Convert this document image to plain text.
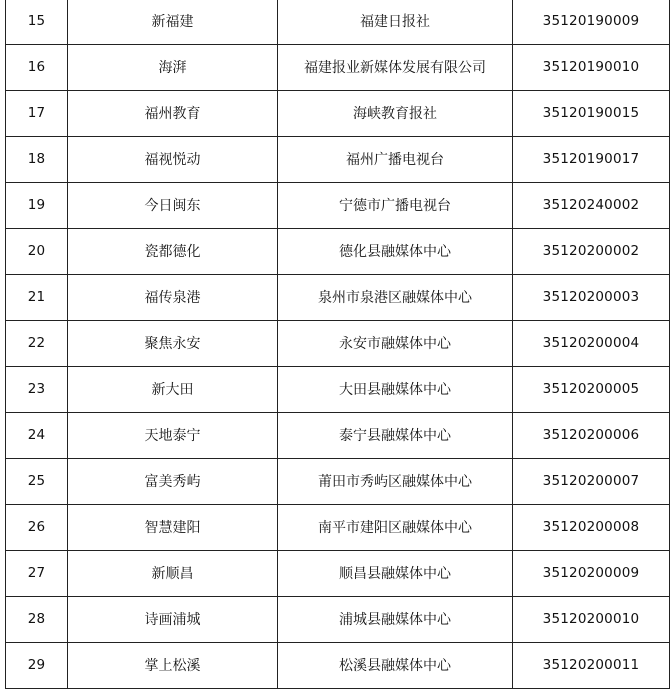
15	新福建	福建日报社	35120190009
16	海湃	福建报业新媒体发展有限公司	35120190010
17	福州教育	海峡教育报社	35120190015
18	福视悦动	福州广播电视台	35120190017
19	今日闽东	宁德市广播电视台	35120240002
20	瓷都德化	德化县融媒体中心	35120200002
21	福传泉港	泉州市泉港区融媒体中心	35120200003
22	聚焦永安	永安市融媒体中心	35120200004
23	新大田	大田县融媒体中心	35120200005
24	天地泰宁	泰宁县融媒体中心	35120200006
25	富美秀屿	莆田市秀屿区融媒体中心	35120200007
26	智慧建阳	南平市建阳区融媒体中心	35120200008
27	新顺昌	顺昌县融媒体中心	35120200009
28	诗画浦城	浦城县融媒体中心	35120200010
29	掌上松溪	松溪县融媒体中心	35120200011
